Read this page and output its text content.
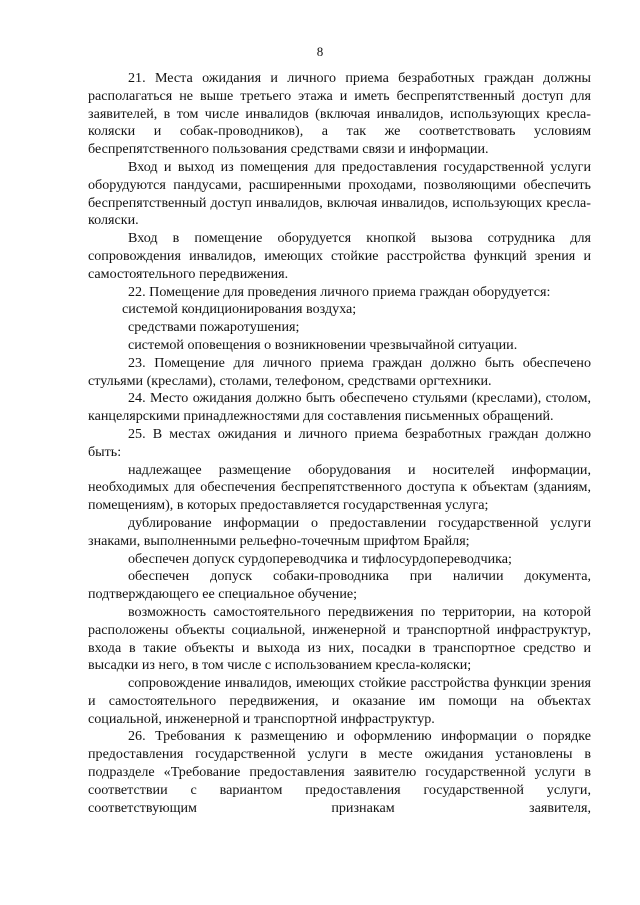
8

21. Места ожидания и личного приема безработных граждан должны располагаться не выше третьего этажа и иметь беспрепятственный доступ для заявителей, в том числе инвалидов (включая инвалидов, использующих кресла-коляски и собак-проводников), а так же соответствовать условиям беспрепятственного пользования средствами связи и информации.

Вход и выход из помещения для предоставления государственной услуги оборудуются пандусами, расширенными проходами, позволяющими обеспечить беспрепятственный доступ инвалидов, включая инвалидов, использующих кресла-коляски.

Вход в помещение оборудуется кнопкой вызова сотрудника для сопровождения инвалидов, имеющих стойкие расстройства функций зрения и самостоятельного передвижения.

22. Помещение для проведения личного приема граждан оборудуется:

системой кондиционирования воздуха;

средствами пожаротушения;

системой оповещения о возникновении чрезвычайной ситуации.

23. Помещение для личного приема граждан должно быть обеспечено стульями (креслами), столами, телефоном, средствами оргтехники.

24. Место ожидания должно быть обеспечено стульями (креслами), столом, канцелярскими принадлежностями для составления письменных обращений.

25. В местах ожидания и личного приема безработных граждан должно быть:

надлежащее размещение оборудования и носителей информации, необходимых для обеспечения беспрепятственного доступа к объектам (зданиям, помещениям), в которых предоставляется государственная услуга;

дублирование информации о предоставлении государственной услуги знаками, выполненными рельефно-точечным шрифтом Брайля;

обеспечен допуск сурдопереводчика и тифлосурдопереводчика;

обеспечен допуск собаки-проводника при наличии документа, подтверждающего ее специальное обучение;

возможность самостоятельного передвижения по территории, на которой расположены объекты социальной, инженерной и транспортной инфраструктур, входа в такие объекты и выхода из них, посадки в транспортное средство и высадки из него, в том числе с использованием кресла-коляски;

сопровождение инвалидов, имеющих стойкие расстройства функции зрения и самостоятельного передвижения, и оказание им помощи на объектах социальной, инженерной и транспортной инфраструктур.

26. Требования к размещению и оформлению информации о порядке предоставления государственной услуги в месте ожидания установлены в подразделе «Требование предоставления заявителю государственной услуги в соответствии с вариантом предоставления государственной услуги, соответствующим признакам заявителя,
